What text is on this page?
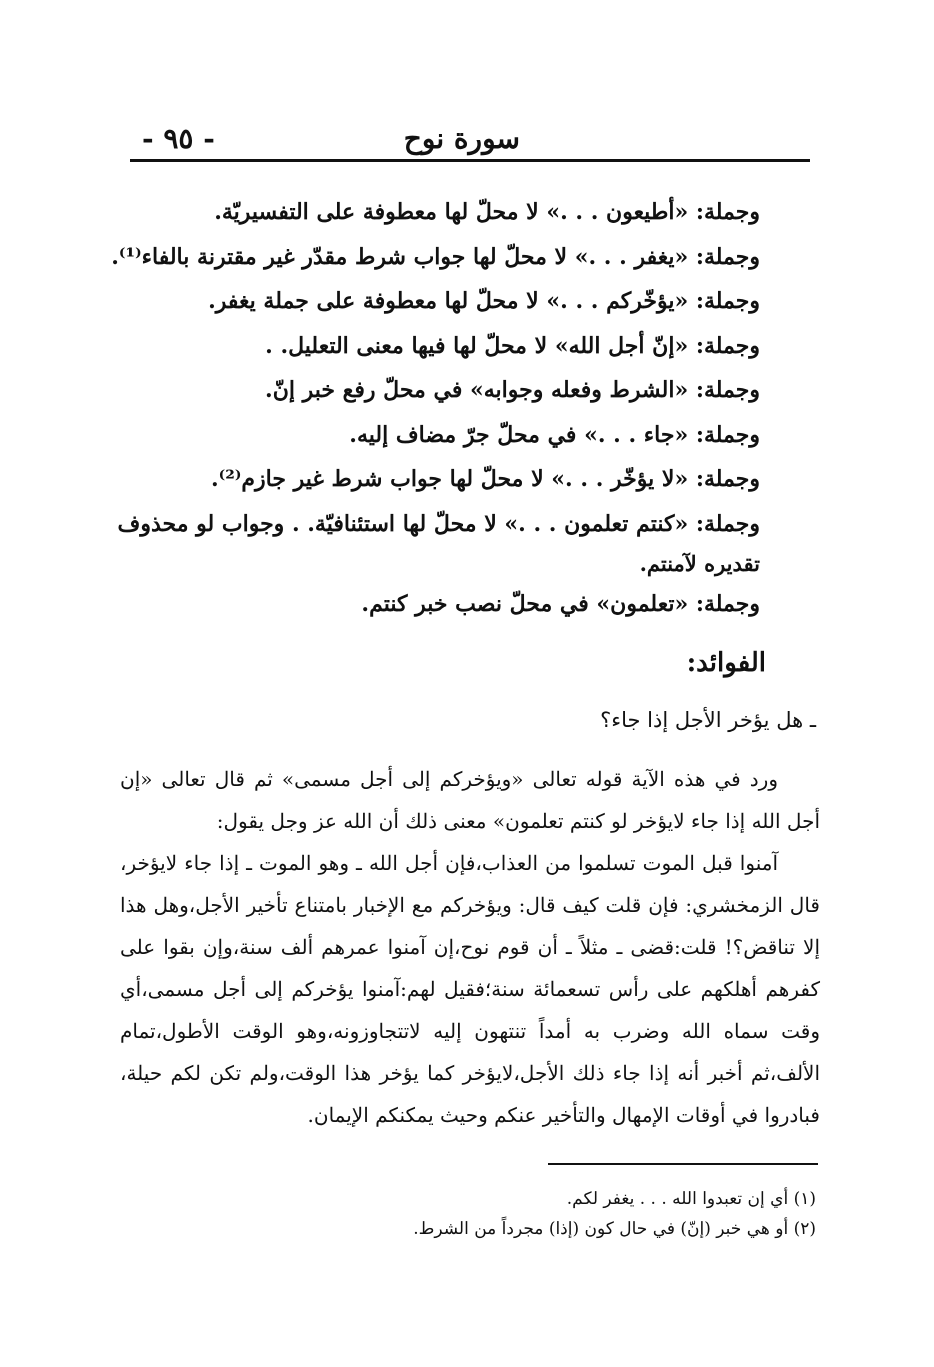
سورة نوح
- ٩٥ -
وجملة: «أطيعون . . .» لا محلّ لها معطوفة على التفسيريّة.
وجملة: «يغفر . . .» لا محلّ لها جواب شرط مقدّر غير مقترنة بالفاء⁽¹⁾.
وجملة: «يؤخّركم . . .» لا محلّ لها معطوفة على جملة يغفر.
وجملة: «إنّ أجل الله» لا محلّ لها فيها معنى التعليل. .
وجملة: «الشرط وفعله وجوابه» في محلّ رفع خبر إنّ.
وجملة: «جاء . . .» في محلّ جرّ مضاف إليه.
وجملة: «لا يؤخّر . . .» لا محلّ لها جواب شرط غير جازم⁽²⁾.
وجملة: «كنتم تعلمون . . .» لا محلّ لها استئنافيّة. . وجواب لو محذوف
تقديره لآمنتم.
وجملة: «تعلمون» في محلّ نصب خبر كنتم.
الفوائد:
ـ هل يؤخر الأجل إذا جاء؟

ورد في هذه الآية قوله تعالى «ويؤخركم إلى أجل مسمى» ثم قال تعالى «إن أجل الله إذا جاء لايؤخر لو كنتم تعلمون» معنى ذلك أن الله عز وجل يقول:

آمنوا قبل الموت تسلموا من العذاب،فإن أجل الله ـ وهو الموت ـ إذا جاء لايؤخر، قال الزمخشري: فإن قلت كيف قال: ويؤخركم مع الإخبار بامتناع تأخير الأجل،وهل هذا إلا تناقض؟! قلت:قضى ـ مثلاً ـ أن قوم نوح،إن آمنوا عمرهم ألف سنة،وإن بقوا على كفرهم أهلكهم على رأس تسعمائة سنة؛فقيل لهم:آمنوا يؤخركم إلى أجل مسمى،أي وقت سماه الله وضرب به أمداً تنتهون إليه لاتتجاوزونه،وهو الوقت الأطول،تمام الألف،ثم أخبر أنه إذا جاء ذلك الأجل،لايؤخر كما يؤخر هذا الوقت،ولم تكن لكم حيلة، فبادروا في أوقات الإمهال والتأخير عنكم وحيث يمكنكم الإيمان.

(١) أي إن تعبدوا الله . . . يغفر لكم.
(٢) أو هي خبر (إنّ) في حال كون (إذا) مجرداً من الشرط.
